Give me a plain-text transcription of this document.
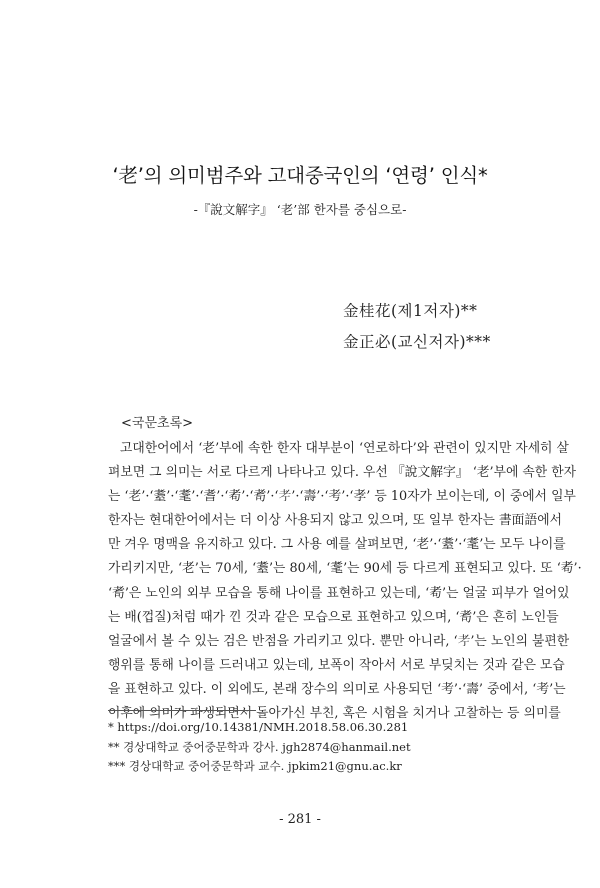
‘老’의 의미범주와 고대중국인의 ‘연령’ 인식*
-『說文解字』 ‘老’部 한자를 중심으로-
金桂花(제1저자)**
金正必(교신저자)***
<국문초록>
고대한어에서 ‘老’부에 속한 한자 대부분이 ‘연로하다’와 관련이 있지만 자세히 살
펴보면 그 의미는 서로 다르게 나타나고 있다. 우선 『說文解字』 ‘老’부에 속한 한자
는 ‘老’·‘耋’·‘耄’·‘耆’·‘耇’·‘耉’·‘𦒱’·‘壽’·‘考’·‘孝’ 등 10자가 보이는데, 이 중에서 일부
한자는 현대한어에서는 더 이상 사용되지 않고 있으며, 또 일부 한자는 書面語에서
만 겨우 명맥을 유지하고 있다. 그 사용 예를 살펴보면, ‘老’·‘耋’·‘耄’는 모두 나이를
가리키지만, ‘老’는 70세, ‘耋’는 80세, ‘耄’는 90세 등 다르게 표현되고 있다. 또 ‘耇’·
‘耉’은 노인의 외부 모습을 통해 나이를 표현하고 있는데, ‘耇’는 얼굴 피부가 얼어있
는 배(껍질)처럼 때가 낀 것과 같은 모습으로 표현하고 있으며, ‘耉’은 흔히 노인들
얼굴에서 볼 수 있는 검은 반점을 가리키고 있다. 뿐만 아니라, ‘𦒱’는 노인의 불편한
행위를 통해 나이를 드러내고 있는데, 보폭이 작아서 서로 부딪치는 것과 같은 모습
을 표현하고 있다. 이 외에도, 본래 장수의 의미로 사용되던 ‘考’·‘壽’ 중에서, ‘考’는
이후에 의미가 파생되면서 돌아가신 부친, 혹은 시험을 치거나 고찰하는 등 의미를
* https://doi.org/10.14381/NMH.2018.58.06.30.281
** 경상대학교 중어중문학과 강사. jgh2874@hanmail.net
*** 경상대학교 중어중문학과 교수. jpkim21@gnu.ac.kr
- 281 -
